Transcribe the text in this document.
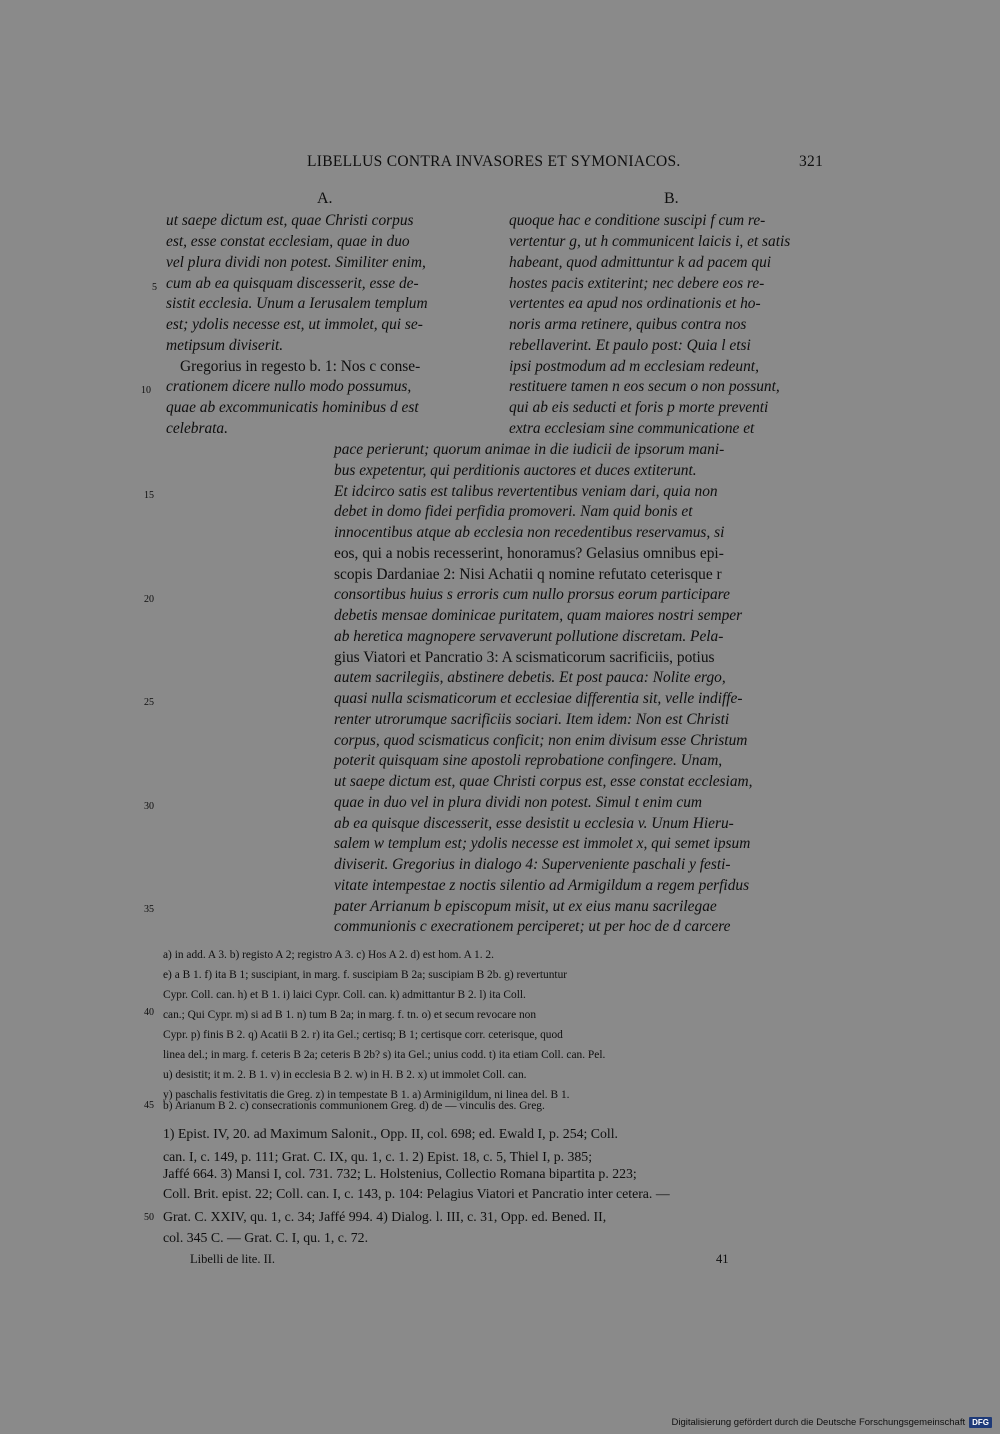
LIBELLUS CONTRA INVASORES ET SYMONIACOS.	321
A.	B.
ut saepe dictum est, quae Christi corpus
est, esse constat ecclesiam, quae in duo
vel plura dividi non potest. Similiter enim,
cum ab ea quisquam discesserit, esse de-
sistit ecclesia. Unum a Ierusalem templum
est; ydolis necesse est, ut immolet, qui se-
metipsum diviserit.
Gregorius in regesto b. 1: Nos c conse-
crationem dicere nullo modo possumus,
quae ab excommunicatis hominibus d est
celebrata.
quoque hac e conditione suscipi f cum re-
vertentur g, ut h communicent laicis i, et satis
habeant, quod admittuntur k ad pacem qui
hostes pacis extiterint; nec debere eos re-
vertentes ea apud nos ordinationis et ho-
noris arma retinere, quibus contra nos
rebellaverint. Et paulo post: Quia l etsi
ipsi postmodum ad m ecclesiam redeunt,
restituere tamen n eos secum o non possunt,
qui ab eis seducti et foris p morte preventi
extra ecclesiam sine communicatione et
pace perierunt; quorum animae in die iudicii de ipsorum mani-
bus expetentur, qui perditionis auctores et duces extiterunt.
Et idcirco satis est talibus revertentibus veniam dari, quia non
debet in domo fidei perfidia promoveri. Nam quid bonis et
innocentibus atque ab ecclesia non recedentibus reservamus, si
eos, qui a nobis recesserint, honoramus? Gelasius omnibus epi-
scopis Dardaniae 2: Nisi Achatii q nomine refutato ceterisque r
consortibus huius s erroris cum nullo prorsus eorum participare
debetis mensae dominicae puritatem, quam maiores nostri semper
ab heretica magnopere servaverunt pollutione discretam. Pela-
gius Viatori et Pancratio 3: A scismaticorum sacrificiis, potius
autem sacrilegiis, abstinere debetis. Et post pauca: Nolite ergo,
quasi nulla scismaticorum et ecclesiae differentia sit, velle indiffe-
renter utrorumque sacrificiis sociari. Item idem: Non est Christi
corpus, quod scismaticus conficit; non enim divisum esse Christum
poterit quisquam sine apostoli reprobatione confingere. Unam,
ut saepe dictum est, quae Christi corpus est, esse constat ecclesiam,
quae in duo vel in plura dividi non potest. Simul t enim cum
ab ea quisque discesserit, esse desistit u ecclesia v. Unum Hieru-
salem w templum est; ydolis necesse est immolet x, qui semet ipsum
diviserit. Gregorius in dialogo 4: Superveniente paschali y festi-
vitate intempestae z noctis silentio ad Armigildum a regem perfidus
pater Arrianum b episcopum misit, ut ex eius manu sacrilegae
communionis c execrationem perciperet; ut per hoc de d carcere
5
10
15
20
25
30
35
40
45
50
a) in add. A 3. b) registo A 2; registro A 3. c) Hos A 2. d) est hom. A 1. 2.
e) a B 1. f) ita B 1; suscipiant, in marg. f. suscipiam B 2a; suscipiam B 2b. g) revertuntur
Cypr. Coll. can. h) et B 1. i) laici Cypr. Coll. can. k) admittantur B 2. l) ita Coll.
can.; Qui Cypr. m) si ad B 1. n) tum B 2a; in marg. f. tn. o) et secum revocare non
Cypr. p) finis B 2. q) Acatii B 2. r) ita Gel.; certisq; B 1; certisque corr. ceterisque, quod
linea del.; in marg. f. ceteris B 2a; ceteris B 2b? s) ita Gel.; unius codd. t) ita etiam Coll. can. Pel.
u) desistit; it m. 2. B 1. v) in ecclesia B 2. w) in H. B 2. x) ut immolet Coll. can.
y) paschalis festivitatis die Greg. z) in tempestate B 1. a) Arminigildum, ni linea del. B 1.
b) Arianum B 2. c) consecrationis communionem Greg. d) de — vinculis des. Greg.
1) Epist. IV, 20. ad Maximum Salonit., Opp. II, col. 698; ed. Ewald I, p. 254; Coll.
can. I, c. 149, p. 111; Grat. C. IX, qu. 1, c. 1. 2) Epist. 18, c. 5, Thiel I, p. 385;
Jaffé 664. 3) Mansi I, col. 731. 732; L. Holstenius, Collectio Romana bipartita p. 223;
Coll. Brit. epist. 22; Coll. can. I, c. 143, p. 104: Pelagius Viatori et Pancratio inter cetera. —
Grat. C. XXIV, qu. 1, c. 34; Jaffé 994. 4) Dialog. l. III, c. 31, Opp. ed. Bened. II,
col. 345 C. — Grat. C. I, qu. 1, c. 72.
Libelli de lite. II.	41
Digitalisierung gefördert durch die Deutsche Forschungsgemeinschaft DFG
